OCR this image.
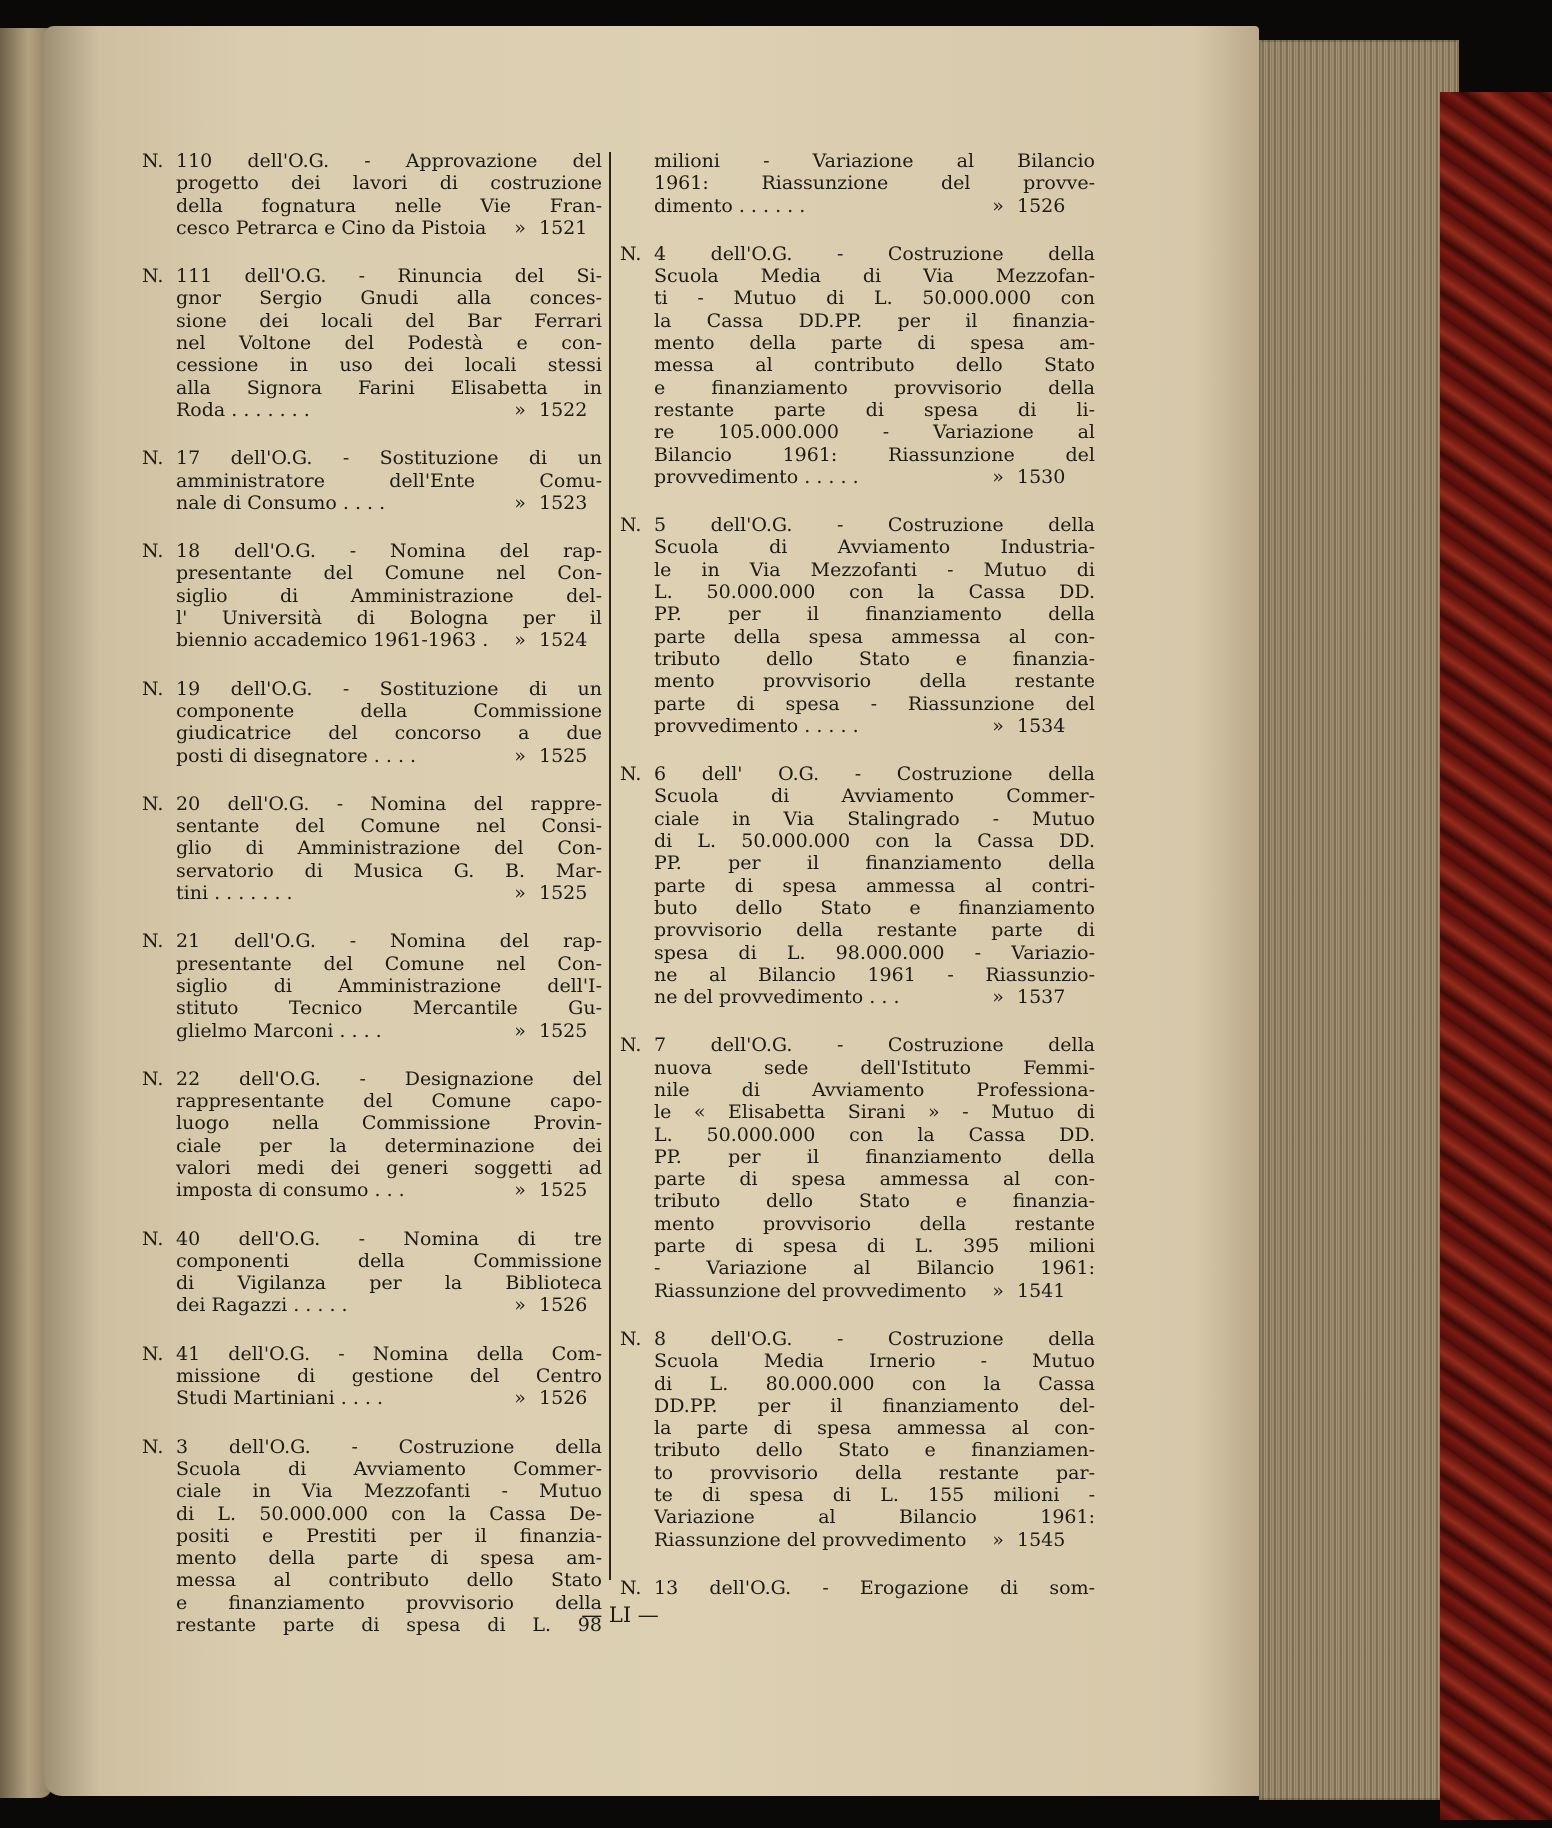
N. 110 dell'O.G. - Approvazione del
progetto dei lavori di costruzione
della fognatura nelle Vie Fran-
cesco Petrarca e Cino da Pistoia	» 1521
N. 111 dell'O.G. - Rinuncia del Si-
gnor Sergio Gnudi alla conces-
sione dei locali del Bar Ferrari
nel Voltone del Podestà e con-
cessione in uso dei locali stessi
alla Signora Farini Elisabetta in
Roda . . . . . . .	» 1522
N. 17 dell'O.G. - Sostituzione di un
amministratore dell'Ente Comu-
nale di Consumo . . . .	» 1523
N. 18 dell'O.G. - Nomina del rap-
presentante del Comune nel Con-
siglio di Amministrazione del-
l' Università di Bologna per il
biennio accademico 1961-1963 .	» 1524
N. 19 dell'O.G. - Sostituzione di un
componente della Commissione
giudicatrice del concorso a due
posti di disegnatore . . . .	» 1525
N. 20 dell'O.G. - Nomina del rappre-
sentante del Comune nel Consi-
glio di Amministrazione del Con-
servatorio di Musica G. B. Mar-
tini . . . . . . .	» 1525
N. 21 dell'O.G. - Nomina del rap-
presentante del Comune nel Con-
siglio di Amministrazione dell'I-
stituto Tecnico Mercantile Gu-
glielmo Marconi . . . .	» 1525
N. 22 dell'O.G. - Designazione del
rappresentante del Comune capo-
luogo nella Commissione Provin-
ciale per la determinazione dei
valori medi dei generi soggetti ad
imposta di consumo . . .	» 1525
N. 40 dell'O.G. - Nomina di tre
componenti della Commissione
di Vigilanza per la Biblioteca
dei Ragazzi . . . . .	» 1526
N. 41 dell'O.G. - Nomina della Com-
missione di gestione del Centro
Studi Martiniani . . . .	» 1526
N. 3 dell'O.G. - Costruzione della
Scuola di Avviamento Commer-
ciale in Via Mezzofanti - Mutuo
di L. 50.000.000 con la Cassa De-
positi e Prestiti per il finanzia-
mento della parte di spesa am-
messa al contributo dello Stato
e finanziamento provvisorio della
restante parte di spesa di L. 98
milioni - Variazione al Bilancio
1961: Riassunzione del provve-
dimento . . . . . .	» 1526
N. 4 dell'O.G. - Costruzione della
Scuola Media di Via Mezzofan-
ti - Mutuo di L. 50.000.000 con
la Cassa DD.PP. per il finanzia-
mento della parte di spesa am-
messa al contributo dello Stato
e finanziamento provvisorio della
restante parte di spesa di li-
re 105.000.000 - Variazione al
Bilancio 1961: Riassunzione del
provvedimento . . . . .	» 1530
N. 5 dell'O.G. - Costruzione della
Scuola di Avviamento Industria-
le in Via Mezzofanti - Mutuo di
L. 50.000.000 con la Cassa DD.
PP. per il finanziamento della
parte della spesa ammessa al con-
tributo dello Stato e finanzia-
mento provvisorio della restante
parte di spesa - Riassunzione del
provvedimento . . . . .	» 1534
N. 6 dell' O.G. - Costruzione della
Scuola di Avviamento Commer-
ciale in Via Stalingrado - Mutuo
di L. 50.000.000 con la Cassa DD.
PP. per il finanziamento della
parte di spesa ammessa al contri-
buto dello Stato e finanziamento
provvisorio della restante parte di
spesa di L. 98.000.000 - Variazio-
ne al Bilancio 1961 - Riassunzio-
ne del provvedimento . . .	» 1537
N. 7 dell'O.G. - Costruzione della
nuova sede dell'Istituto Femmi-
nile di Avviamento Professiona-
le « Elisabetta Sirani » - Mutuo di
L. 50.000.000 con la Cassa DD.
PP. per il finanziamento della
parte di spesa ammessa al con-
tributo dello Stato e finanzia-
mento provvisorio della restante
parte di spesa di L. 395 milioni
- Variazione al Bilancio 1961:
Riassunzione del provvedimento	» 1541
N. 8 dell'O.G. - Costruzione della
Scuola Media Irnerio - Mutuo
di L. 80.000.000 con la Cassa
DD.PP. per il finanziamento del-
la parte di spesa ammessa al con-
tributo dello Stato e finanziamen-
to provvisorio della restante par-
te di spesa di L. 155 milioni -
Variazione al Bilancio 1961:
Riassunzione del provvedimento	» 1545
N. 13 dell'O.G. - Erogazione di som-
— LI —
